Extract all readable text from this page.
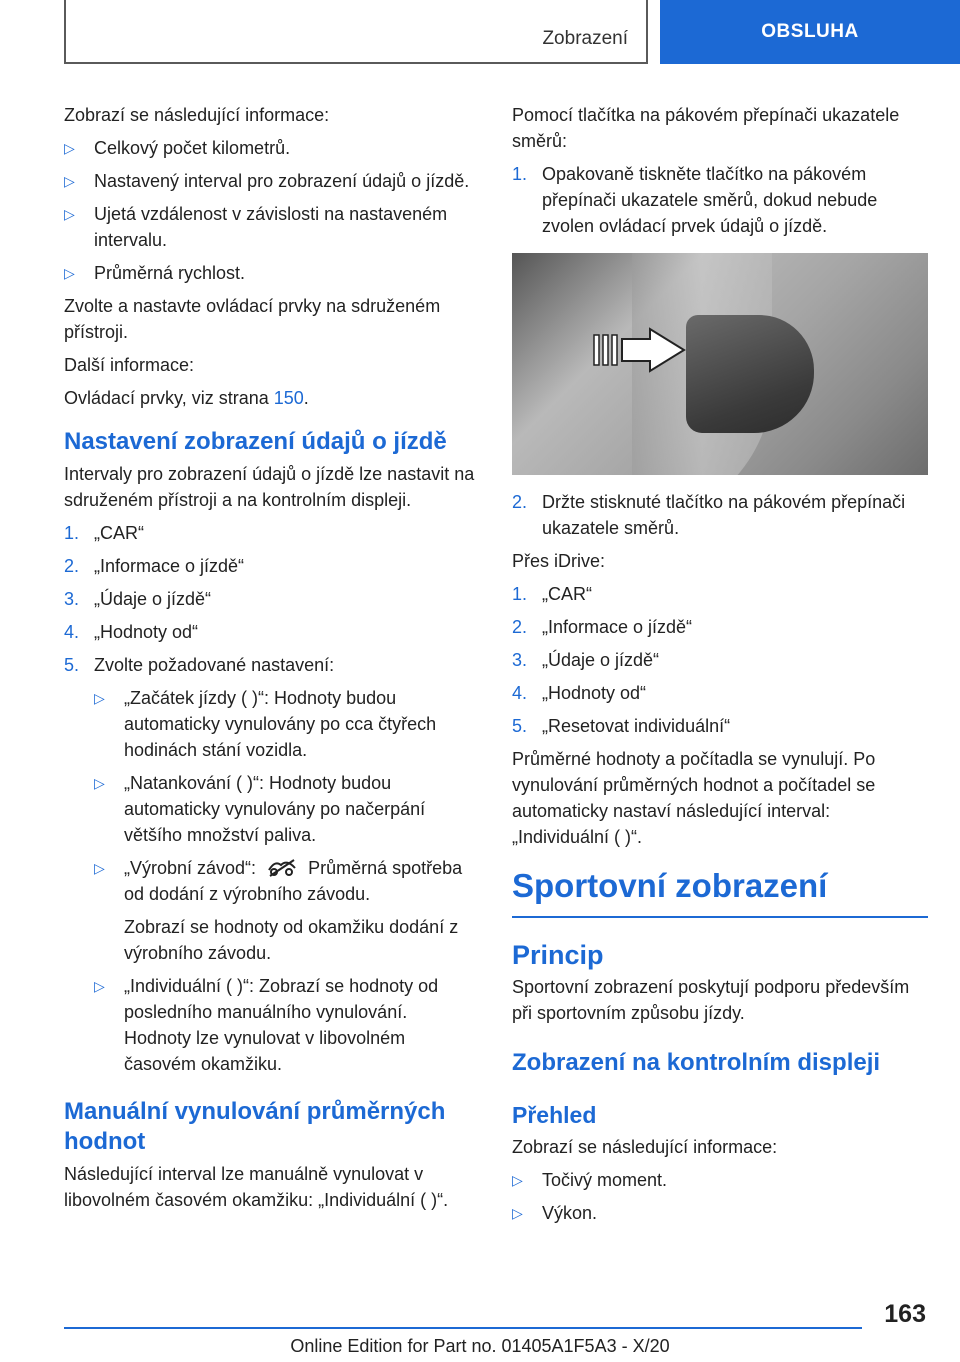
Zobrazení	OBSLUHA

Zobrazí se následující informace:

▷ Celkový počet kilometrů.
▷ Nastavený interval pro zobrazení údajů o jízdě.
▷ Ujetá vzdálenost v závislosti na nastaveném intervalu.
▷ Průměrná rychlost.

Zvolte a nastavte ovládací prvky na sdruženém přístroji.

Další informace:

Ovládací prvky, viz strana 150.

Nastavení zobrazení údajů o jízdě

Intervaly pro zobrazení údajů o jízdě lze nastavit na sdruženém přístroji a na kontrolním displeji.

1. „CAR“
2. „Informace o jízdě“
3. „Údaje o jízdě“
4. „Hodnoty od“
5. Zvolte požadované nastavení:
▷ „Začátek jízdy ( )“: Hodnoty budou automaticky vynulovány po cca čtyřech hodinách stání vozidla.
▷ „Natankování ( )“: Hodnoty budou automaticky vynulovány po načerpání většího množství paliva.
▷ „Výrobní závod“:	Průměrná spotřeba od dodání z výrobního závodu.

Zobrazí se hodnoty od okamžiku dodání z výrobního závodu.

▷ „Individuální ( )“: Zobrazí se hodnoty od posledního manuálního vynulování. Hodnoty lze vynulovat v libovolném časovém okamžiku.
Manuální vynulování průměrných hodnot

Následující interval lze manuálně vynulovat v libovolném časovém okamžiku: „Individuální ( )“.

Pomocí tlačítka na pákovém přepínači ukazatele směrů:

1. Opakovaně tiskněte tlačítko na pákovém přepínači ukazatele směrů, dokud nebude zvolen ovládací prvek údajů o jízdě.
2. Držte stisknuté tlačítko na pákovém přepínači ukazatele směrů.

Přes iDrive:

1. „CAR“
2. „Informace o jízdě“
3. „Údaje o jízdě“
4. „Hodnoty od“
5. „Resetovat individuální“

Průměrné hodnoty a počítadla se vynulují. Po vynulování průměrných hodnot a počítadel se automaticky nastaví následující interval: „Individuální ( )“.

Sportovní zobrazení
Princip

Sportovní zobrazení poskytují podporu především při sportovním způsobu jízdy.

Zobrazení na kontrolním displeji
Přehled

Zobrazí se následující informace:

▷ Točivý moment.
▷ Výkon.
163
Online Edition for Part no. 01405A1F5A3 - X/20
